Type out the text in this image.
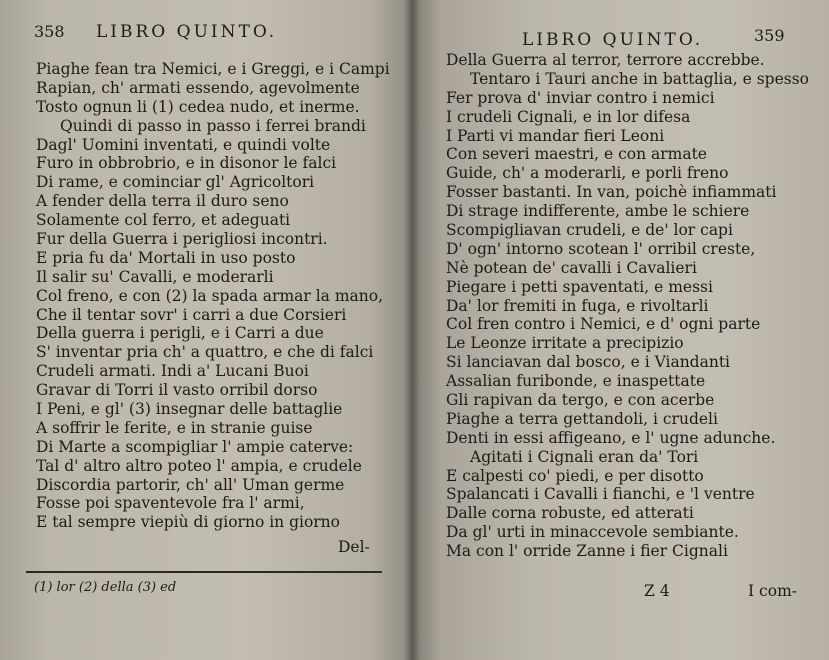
358 LIBRO QUINTO.
Piaghe fean tra Nemici, e i Greggi, e i Campi
Rapian, ch' armati essendo, agevolmente
Tosto ognun li (1) cedea nudo, et inerme.
Quindi di passo in passo i ferrei brandi
Dagl' Uomini inventati, e quindi volte
Furo in obbrobrio, e in disonor le falci
Di rame, e cominciar gl' Agricoltori
A fender della terra il duro seno
Solamente col ferro, et adeguati
Fur della Guerra i perigliosi incontri.
E pria fu da' Mortali in uso posto
Il salir su' Cavalli, e moderarli
Col freno, e con (2) la spada armar la mano,
Che il tentar sovr' i carri a due Corsieri
Della guerra i perigli, e i Carri a due
S' inventar pria ch' a quattro, e che di falci
Crudeli armati. Indi a' Lucani Buoi
Gravar di Torri il vasto orribil dorso
I Peni, e gl' (3) insegnar delle battaglie
A soffrir le ferite, e in stranie guise
Di Marte a scompigliar l' ampie caterve:
Tal d' altro altro poteo l' ampia, e crudele
Discordia partorir, ch' all' Uman germe
Fosse poi spaventevole fra l' armi,
E tal sempre viepiù di giorno in giorno
Del-
(1) lor (2) della (3) ed
LIBRO QUINTO.	359
Della Guerra al terror, terrore accrebbe.
Tentaro i Tauri anche in battaglia, e spesso
Fer prova d' inviar contro i nemici
I crudeli Cignali, e in lor difesa
I Parti vi mandar fieri Leoni
Con severi maestri, e con armate
Guide, ch' a moderarli, e porli freno
Fosser bastanti. In van, poichè infiammati
Di strage indifferente, ambe le schiere
Scompigliavan crudeli, e de' lor capi
D' ogn' intorno scotean l' orribil creste,
Nè potean de' cavalli i Cavalieri
Piegare i petti spaventati, e messi
Da' lor fremiti in fuga, e rivoltarli
Col fren contro i Nemici, e d' ogni parte
Le Leonze irritate a precipizio
Si lanciavan dal bosco, e i Viandanti
Assalian furibonde, e inaspettate
Gli rapivan da tergo, e con acerbe
Piaghe a terra gettandoli, i crudeli
Denti in essi affigeano, e l' ugne adunche.
Agitati i Cignali eran da' Tori
E calpesti co' piedi, e per disotto
Spalancati i Cavalli i fianchi, e 'l ventre
Dalle corna robuste, ed atterati
Da gl' urti in minaccevole sembiante.
Ma con l' orride Zanne i fier Cignali
Z 4	I com-
